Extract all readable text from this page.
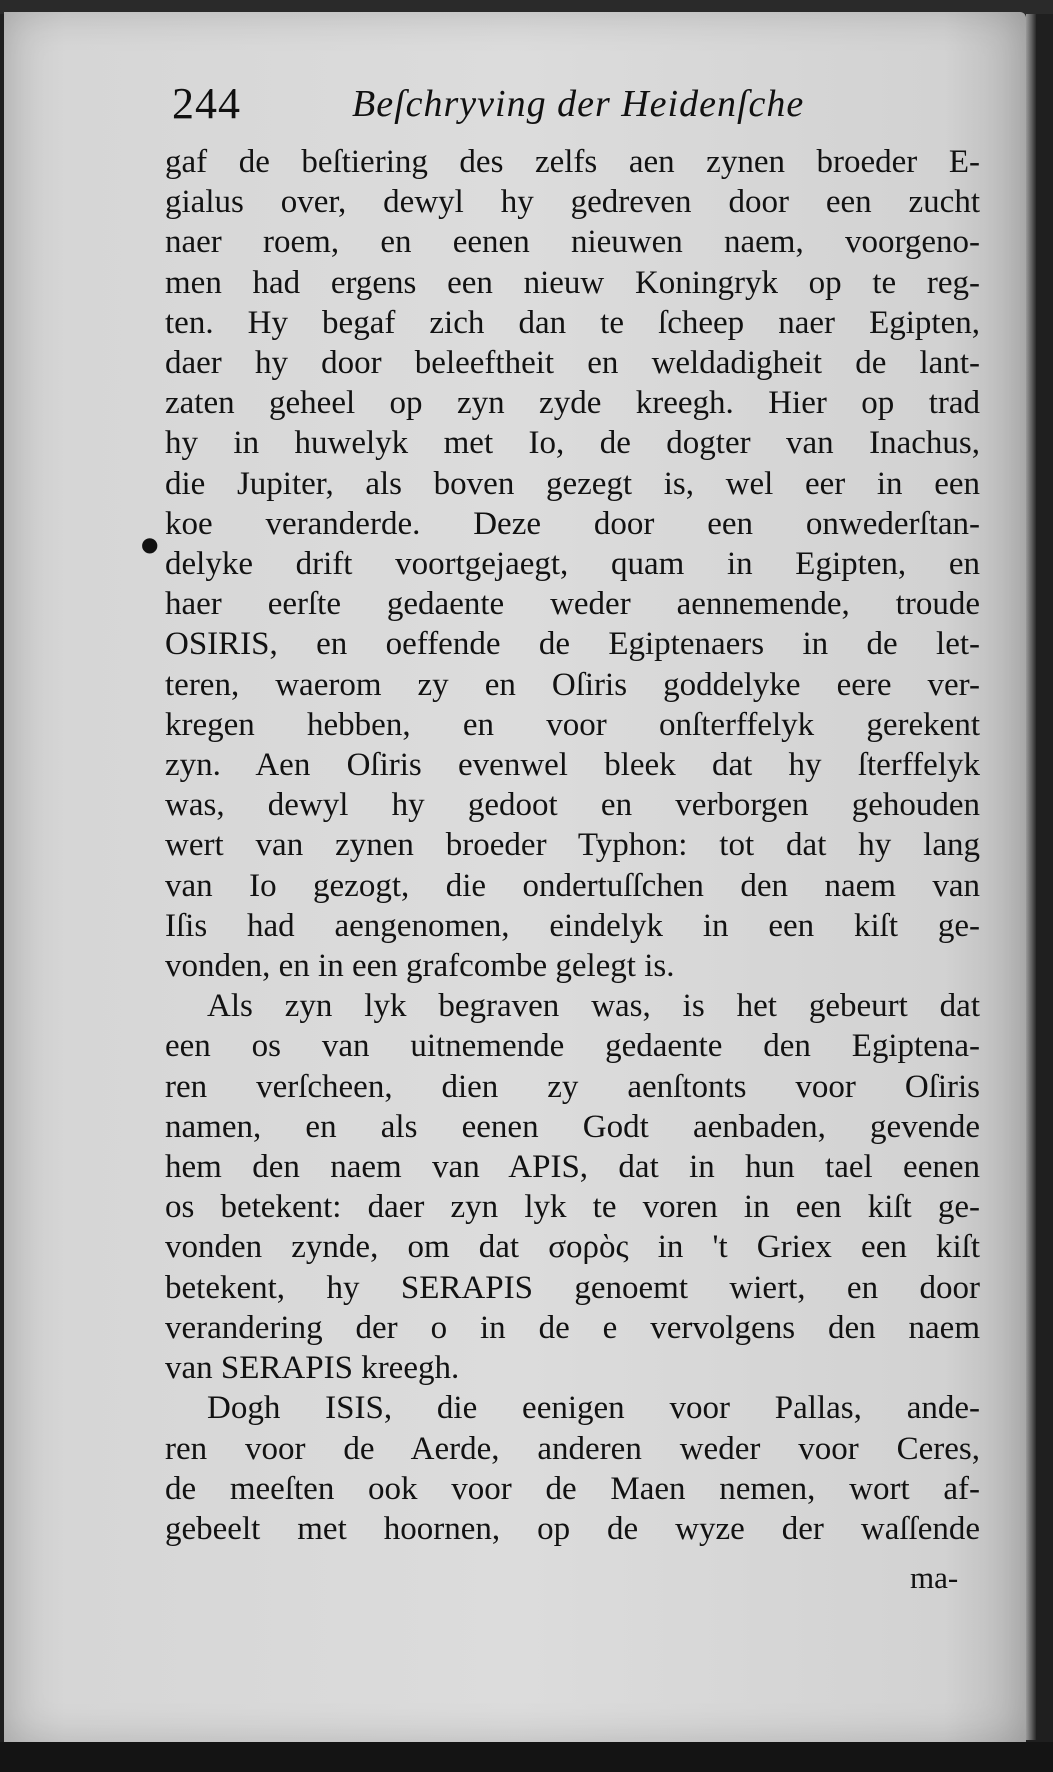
244	Beſchryving der Heidenſche
●
gaf de beſtiering des zelfs aen zynen broeder E-
gialus over, dewyl hy gedreven door een zucht
naer roem, en eenen nieuwen naem, voorgeno-
men had ergens een nieuw Koningryk op te reg-
ten. Hy begaf zich dan te ſcheep naer Egipten,
daer hy door beleeftheit en weldadigheit de lant-
zaten geheel op zyn zyde kreegh. Hier op trad
hy in huwelyk met Io, de dogter van Inachus,
die Jupiter, als boven gezegt is, wel eer in een
koe veranderde. Deze door een onwederſtan-
delyke drift voortgejaegt, quam in Egipten, en
haer eerſte gedaente weder aennemende, troude
OSIRIS, en oeffende de Egiptenaers in de let-
teren, waerom zy en Oſiris goddelyke eere ver-
kregen hebben, en voor onſterffelyk gerekent
zyn. Aen Oſiris evenwel bleek dat hy ſterffelyk
was, dewyl hy gedoot en verborgen gehouden
wert van zynen broeder Typhon: tot dat hy lang
van Io gezogt, die ondertuſſchen den naem van
Iſis had aengenomen, eindelyk in een kiſt ge-
vonden, en in een grafcombe gelegt is.
Als zyn lyk begraven was, is het gebeurt dat
een os van uitnemende gedaente den Egiptena-
ren verſcheen, dien zy aenſtonts voor Oſiris
namen, en als eenen Godt aenbaden, gevende
hem den naem van APIS, dat in hun tael eenen
os betekent: daer zyn lyk te voren in een kiſt ge-
vonden zynde, om dat σορὸς in 't Griex een kiſt
betekent, hy SERAPIS genoemt wiert, en door
verandering der o in de e vervolgens den naem
van SERAPIS kreegh.
Dogh ISIS, die eenigen voor Pallas, ande-
ren voor de Aerde, anderen weder voor Ceres,
de meeſten ook voor de Maen nemen, wort af-
gebeelt met hoornen, op de wyze der waſſende
ma-
